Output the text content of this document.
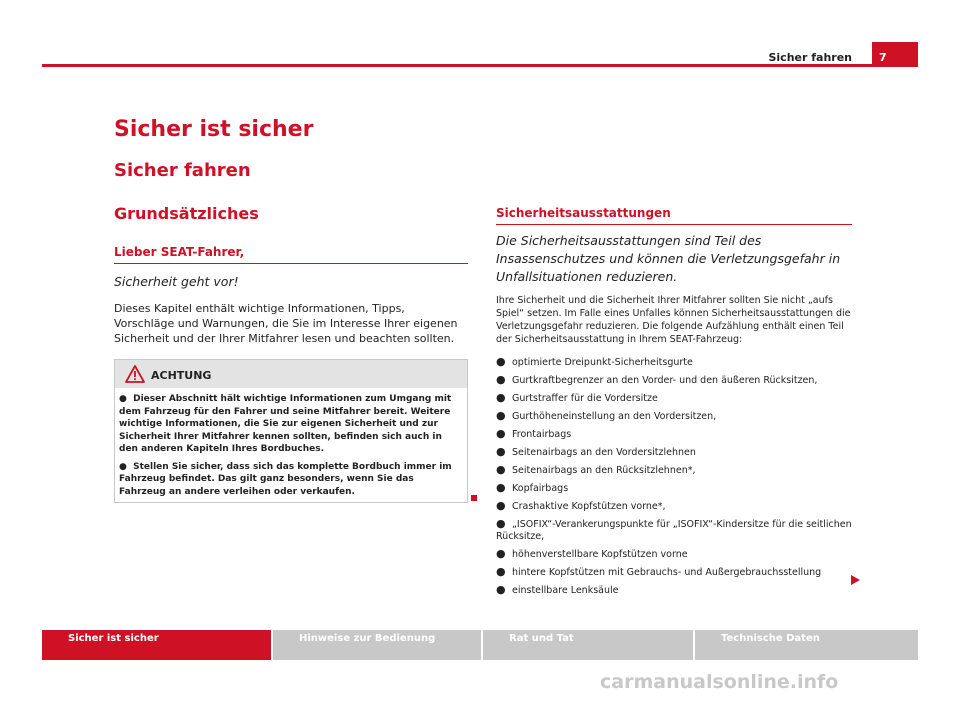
Sicher fahren	7
Sicher ist sicher
Sicher fahren
Grundsätzliches
Lieber SEAT-Fahrer,
Sicherheit geht vor!
Dieses Kapitel enthält wichtige Informationen, Tipps, Vorschläge und Warnungen, die Sie im Interesse Ihrer eigenen Sicherheit und der Ihrer Mitfahrer lesen und beachten sollten.
ACHTUNG
●  Dieser Abschnitt hält wichtige Informationen zum Umgang mit dem Fahrzeug für den Fahrer und seine Mitfahrer bereit. Weitere wichtige Informationen, die Sie zur eigenen Sicherheit und zur Sicherheit Ihrer Mitfahrer kennen sollten, befinden sich auch in den anderen Kapiteln Ihres Bordbuches.
●  Stellen Sie sicher, dass sich das komplette Bordbuch immer im Fahrzeug befindet. Das gilt ganz besonders, wenn Sie das Fahrzeug an andere verleihen oder verkaufen.
Sicherheitsausstattungen
Die Sicherheitsausstattungen sind Teil des Insassenschutzes und können die Verletzungsgefahr in Unfallsituationen reduzieren.
Ihre Sicherheit und die Sicherheit Ihrer Mitfahrer sollten Sie nicht „aufs Spiel“ setzen. Im Falle eines Unfalles können Sicherheitsausstattungen die Verletzungsgefahr reduzieren. Die folgende Aufzählung enthält einen Teil der Sicherheitsausstattung in Ihrem SEAT-Fahrzeug:
● optimierte Dreipunkt-Sicherheitsgurte
● Gurtkraftbegrenzer an den Vorder- und den äußeren Rücksitzen,
● Gurtstraffer für die Vordersitze
● Gurthöheneinstellung an den Vordersitzen,
● Frontairbags
● Seitenairbags an den Vordersitzlehnen
● Seitenairbags an den Rücksitzlehnen*,
● Kopfairbags
● Crashaktive Kopfstützen vorne*,
● „ISOFIX“-Verankerungspunkte für „ISOFIX“-Kindersitze für die seitlichen Rücksitze,
● höhenverstellbare Kopfstützen vorne
● hintere Kopfstützen mit Gebrauchs- und Außergebrauchsstellung
● einstellbare Lenksäule
Sicher ist sicher	Hinweise zur Bedienung	Rat und Tat	Technische Daten
carmanualsonline.info
